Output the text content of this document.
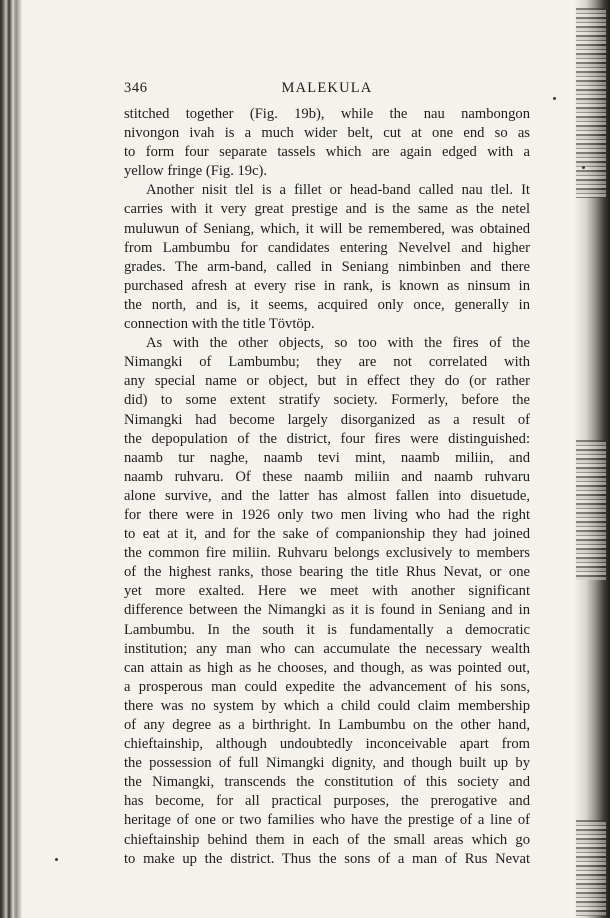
346	MALEKULA

stitched together (Fig. 19b), while the nau nambongon

nivongon ivah is a much wider belt, cut at one end so as

to form four separate tassels which are again edged with a

yellow fringe (Fig. 19c).

Another nisit tlel is a fillet or head-band called nau tlel. It

carries with it very great prestige and is the same as the netel

muluwun of Seniang, which, it will be remembered, was obtained

from Lambumbu for candidates entering Nevelvel and higher

grades. The arm-band, called in Seniang nimbinben and there

purchased afresh at every rise in rank, is known as ninsum in

the north, and is, it seems, acquired only once, generally in

connection with the title Tövtöp.

As with the other objects, so too with the fires of the

Nimangki of Lambumbu; they are not correlated with

any special name or object, but in effect they do (or rather

did) to some extent stratify society. Formerly, before the

Nimangki had become largely disorganized as a result of

the depopulation of the district, four fires were distinguished:

naamb tur naghe, naamb tevi mint, naamb miliin, and

naamb ruhvaru. Of these naamb miliin and naamb ruhvaru

alone survive, and the latter has almost fallen into disuetude,

for there were in 1926 only two men living who had the right

to eat at it, and for the sake of companionship they had joined

the common fire miliin. Ruhvaru belongs exclusively to members

of the highest ranks, those bearing the title Rhus Nevat, or one

yet more exalted. Here we meet with another significant

difference between the Nimangki as it is found in Seniang and in

Lambumbu. In the south it is fundamentally a democratic

institution; any man who can accumulate the necessary wealth

can attain as high as he chooses, and though, as was pointed out,

a prosperous man could expedite the advancement of his sons,

there was no system by which a child could claim membership

of any degree as a birthright. In Lambumbu on the other hand,

chieftainship, although undoubtedly inconceivable apart from

the possession of full Nimangki dignity, and though built up by

the Nimangki, transcends the constitution of this society and

has become, for all practical purposes, the prerogative and

heritage of one or two families who have the prestige of a line of

chieftainship behind them in each of the small areas which go

to make up the district. Thus the sons of a man of Rus Nevat
